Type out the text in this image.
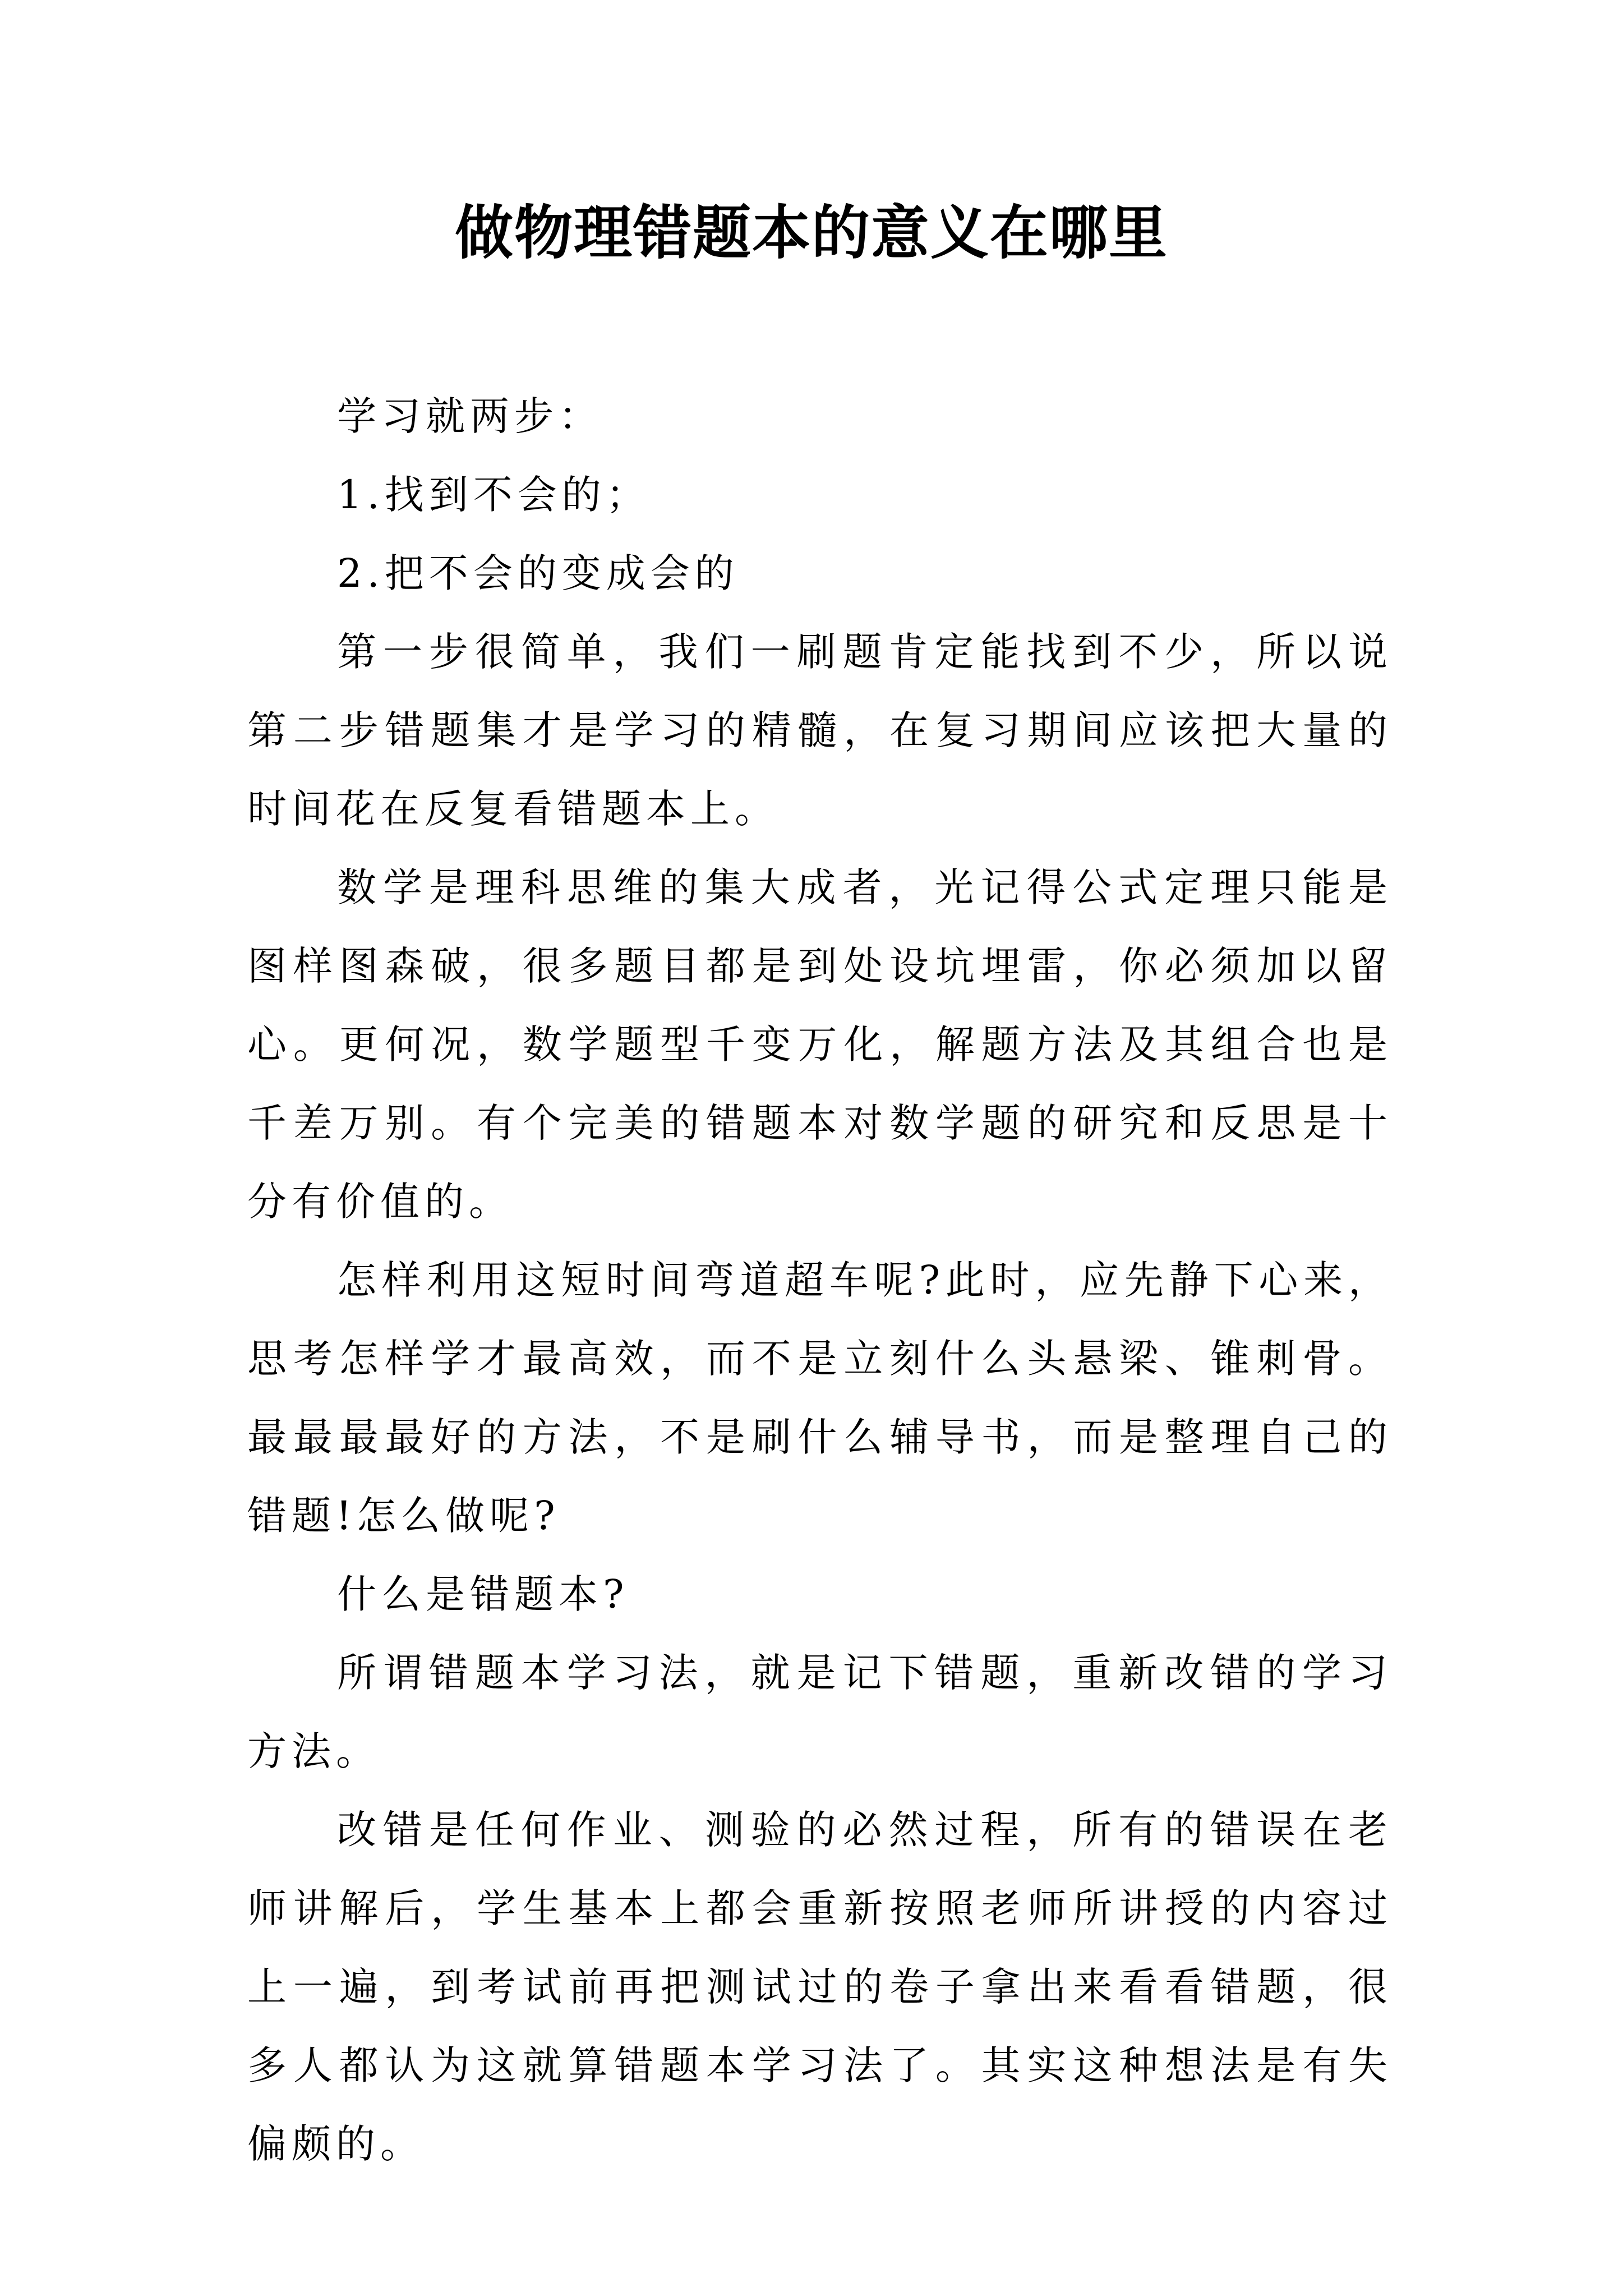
做物理错题本的意义在哪里

学习就两步：

1.找到不会的；

2.把不会的变成会的

第一步很简单，我们一刷题肯定能找到不少，所以说第二步错题集才是学习的精髓，在复习期间应该把大量的时间花在反复看错题本上。

数学是理科思维的集大成者，光记得公式定理只能是图样图森破，很多题目都是到处设坑埋雷，你必须加以留心。更何况，数学题型千变万化，解题方法及其组合也是千差万别。有个完美的错题本对数学题的研究和反思是十分有价值的。

怎样利用这短时间弯道超车呢?此时，应先静下心来，思考怎样学才最高效，而不是立刻什么头悬梁、锥刺骨。最最最最好的方法，不是刷什么辅导书，而是整理自己的错题!怎么做呢?

什么是错题本?

所谓错题本学习法，就是记下错题，重新改错的学习方法。

改错是任何作业、测验的必然过程，所有的错误在老师讲解后，学生基本上都会重新按照老师所讲授的内容过上一遍，到考试前再把测试过的卷子拿出来看看错题，很多人都认为这就算错题本学习法了。其实这种想法是有失偏颇的。
